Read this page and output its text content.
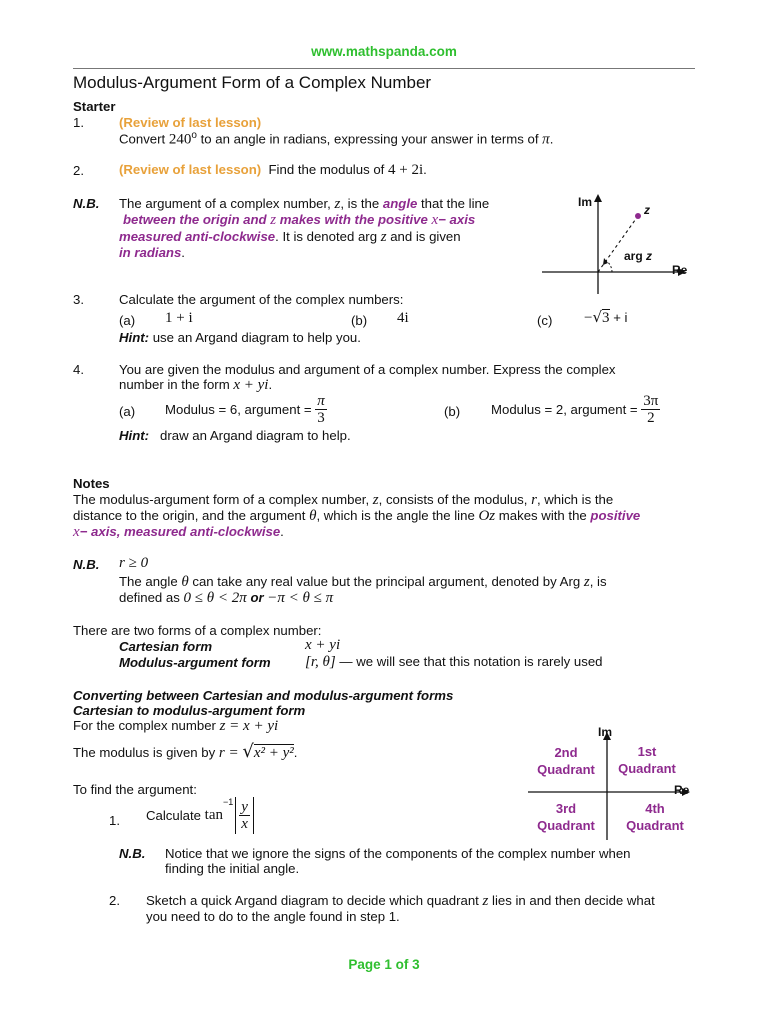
www.mathspanda.com
Modulus-Argument Form of a Complex Number
Starter
1.	(Review of last lesson)
Convert 240$^o$ to an angle in radians, expressing your answer in terms of π.
2.	(Review of last lesson) Find the modulus of 4 + 2i.
N.B. The argument of a complex number, z, is the angle that the line
between the origin and z makes with the positive x− axis
measured anti-clockwise. It is denoted arg z and is given
in radians.
Im
Re
z
arg z
3.	Calculate the argument of the complex numbers:
(a) 1 + i	(b) 4i	(c) −√3 + i
Hint: use an Argand diagram to help you.
4.	You are given the modulus and argument of a complex number. Express the complex
number in the form x + yi.
(a) Modulus = 6, argument = $\frac{\pi}{3}$	(b) Modulus = 2, argument = $\frac{3\pi}{2}$
Hint: draw an Argand diagram to help.
Notes
The modulus-argument form of a complex number, z, consists of the modulus, r, which is the
distance to the origin, and the argument θ, which is the angle the line Oz makes with the positive
x− axis, measured anti-clockwise.
N.B. r ≥ 0
The angle θ can take any real value but the principal argument, denoted by Arg z, is
defined as 0 ≤ θ < 2π or −π < θ ≤ π
There are two forms of a complex number:
Cartesian form	x + yi
Modulus-argument form [r, θ] — we will see that this notation is rarely used
Converting between Cartesian and modulus-argument forms
Cartesian to modulus-argument form
For the complex number z = x + yi
The modulus is given by r = √x² + y².
To find the argument:
1. Calculate $\tan^{-1} \frac{y}{x}$
N.B. Notice that we ignore the signs of the components of the complex number when
finding the initial angle.
2. Sketch a quick Argand diagram to decide which quadrant z lies in and then decide what
you need to do to the angle found in step 1.
Im
Re
2nd
Quadrant
1st
Quadrant
3rd
Quadrant
4th
Quadrant
Page 1 of 3
